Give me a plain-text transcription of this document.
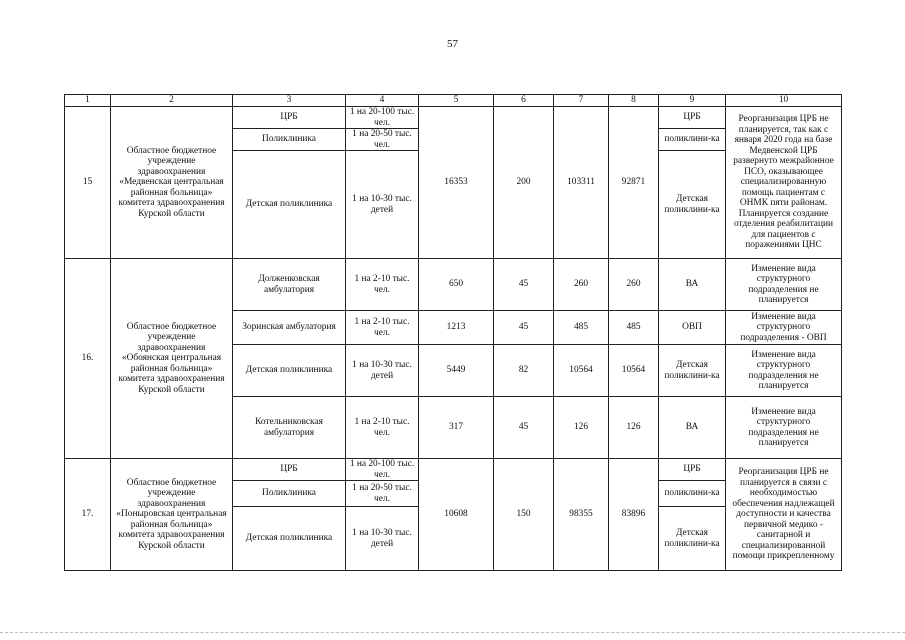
57
1	2	3	4	5	6	7	8	9	10
15	Областное бюджетное учреждение здравоохранения «Медвенская центральная районная больница» комитета здравоохранения Курской области	ЦРБ	1 на 20-100 тыс. чел.	16353	200	103311	92871	ЦРБ	Реорганизация ЦРБ не планируется, так как с января 2020 года на базе Медвенской ЦРБ развернуто межрайонное ПСО, оказывающее специализированную помощь пациентам с ОНМК пяти районам. Планируется создание отделения реабилитации для пациентов с поражениями ЦНС
		Поликлиника	1 на 20-50 тыс. чел.					поликлини-ка	
		Детская поликлиника	1 на 10-30 тыс. детей					Детская поликлини-ка	
16.	Областное бюджетное учреждение здравоохранения «Обоянская центральная районная больница» комитета здравоохранения Курской области	Долженковская амбулатория	1 на 2-10 тыс. чел.	650	45	260	260	ВА	Изменение вида структурного подразделения не планируется
		Зоринская амбулатория	1 на 2-10 тыс. чел.	1213	45	485	485	ОВП	Изменение вида структурного подразделения - ОВП
		Детская поликлиника	1 на 10-30 тыс. детей	5449	82	10564	10564	Детская поликлини-ка	Изменение вида структурного подразделения не планируется
		Котельниковская амбулатория	1 на 2-10 тыс. чел.	317	45	126	126	ВА	Изменение вида структурного подразделения не планируется
17.	Областное бюджетное учреждение здравоохранения «Поныровская центральная районная больница» комитета здравоохранения Курской области	ЦРБ	1 на 20-100 тыс. чел.	10608	150	98355	83896	ЦРБ	Реорганизация ЦРБ не планируется в связи с необходимостью обеспечения надлежащей доступности и качества первичной медико - санитарной и специализированной помощи прикрепленному
		Поликлиника	1 на 20-50 тыс. чел.					поликлини-ка	
		Детская поликлиника	1 на 10-30 тыс. детей					Детская поликлини-ка	
